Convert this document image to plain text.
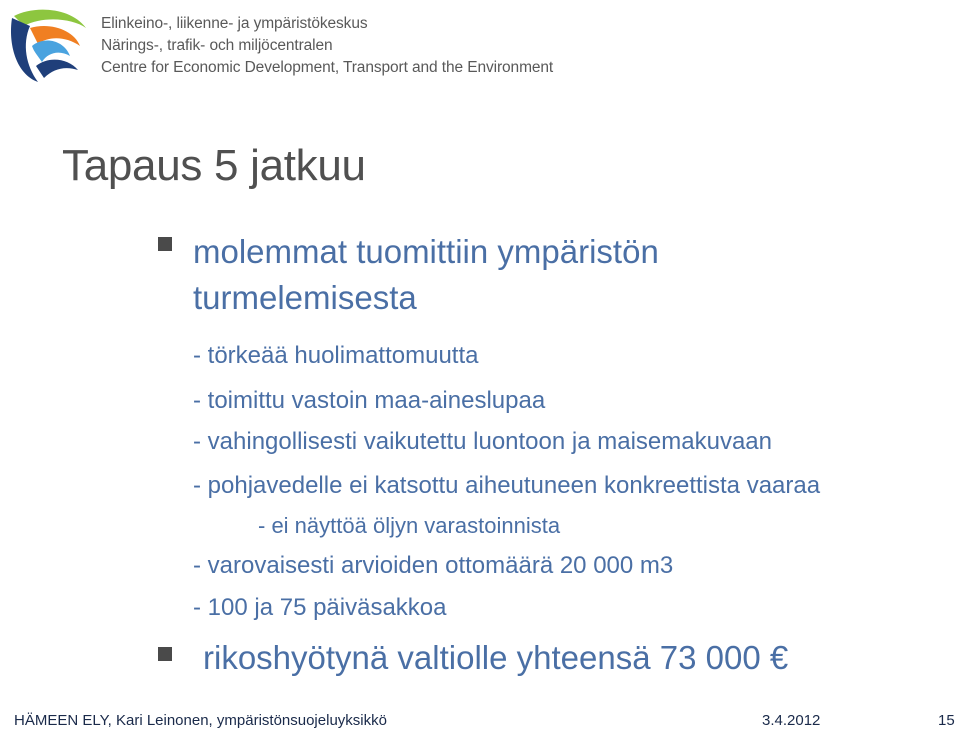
Elinkeino-, liikenne- ja ympäristökeskus
Närings-, trafik- och miljöcentralen
Centre for Economic Development, Transport and the Environment
Tapaus 5 jatkuu
molemmat tuomittiin ympäristön
turmelemisesta
- törkeää huolimattomuutta
- toimittu vastoin maa-aineslupaa
- vahingollisesti vaikutettu luontoon ja maisemakuvaan
- pohjavedelle ei katsottu aiheutuneen konkreettista vaaraa
- ei näyttöä öljyn varastoinnista
- varovaisesti arvioiden ottomäärä 20 000 m3
- 100 ja 75 päiväsakkoa
rikoshyötynä valtiolle yhteensä 73 000 €
HÄMEEN ELY, Kari Leinonen, ympäristönsuojeluyksikkö	3.4.2012	15
